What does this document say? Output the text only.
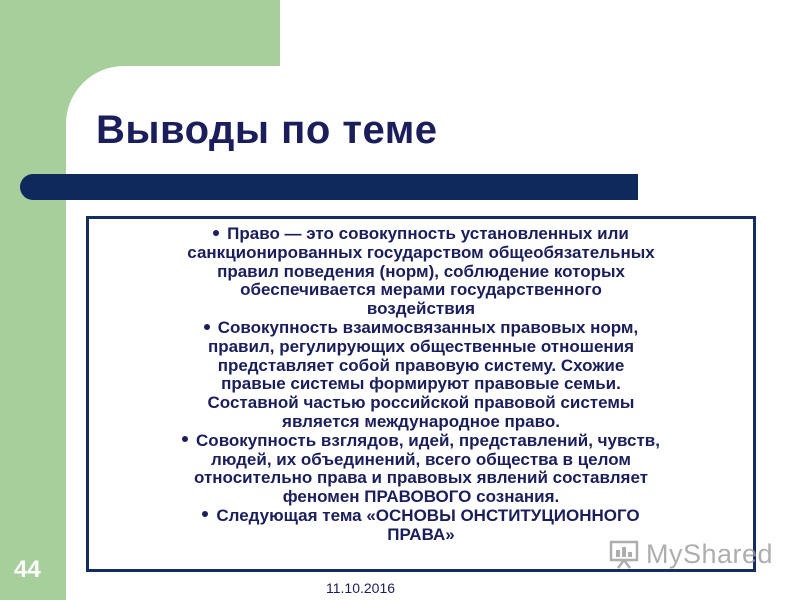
Выводы по теме
Право — это совокупность установленных или
санкционированных государством общеобязательных
правил поведения (норм), соблюдение которых
обеспечивается мерами государственного
воздействия
Совокупность взаимосвязанных правовых норм,
правил, регулирующих общественные отношения
представляет собой правовую систему. Схожие
правые системы формируют правовые семьи.
Составной частью российской правовой системы
является международное право.
Совокупность взглядов, идей, представлений, чувств,
людей, их объединений, всего общества в целом
относительно права и правовых явлений составляет
феномен ПРАВОВОГО сознания.
Следующая тема «ОСНОВЫ ОНСТИТУЦИОННОГО
ПРАВА»
44
11.10.2016
MyShared
